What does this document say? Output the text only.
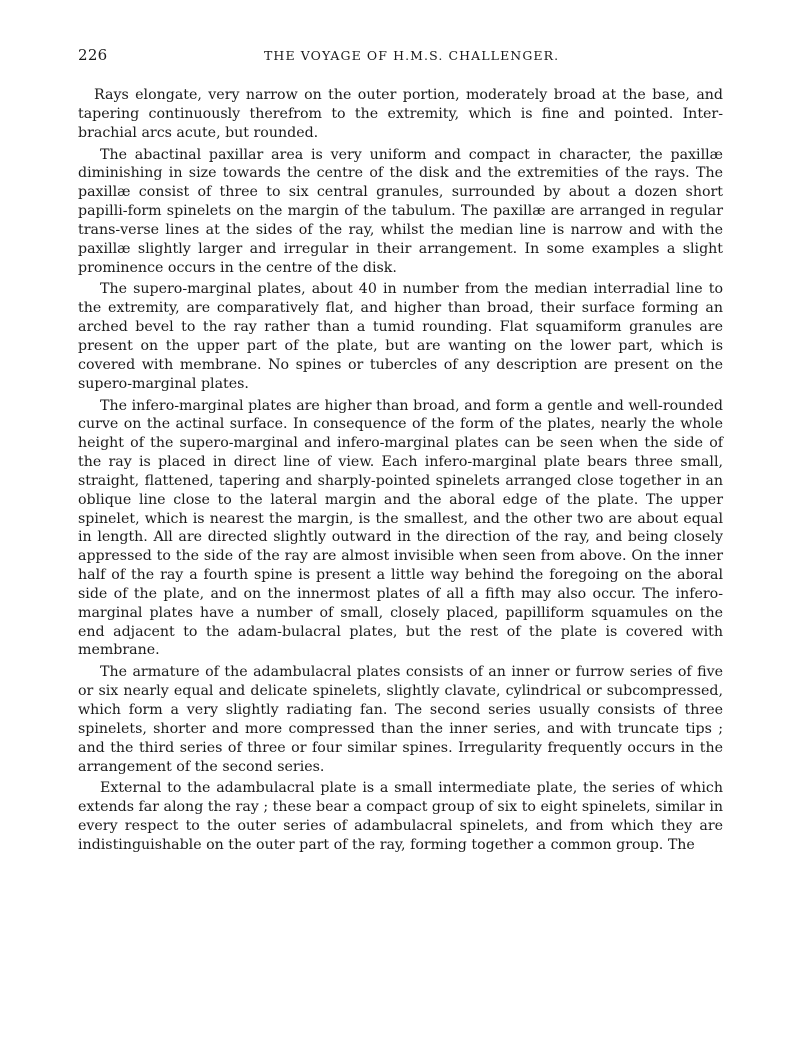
226	THE VOYAGE OF H.M.S. CHALLENGER.

Rays elongate, very narrow on the outer portion, moderately broad at the base, and tapering continuously therefrom to the extremity, which is fine and pointed. Inter-brachial arcs acute, but rounded.

The abactinal paxillar area is very uniform and compact in character, the paxillæ diminishing in size towards the centre of the disk and the extremities of the rays. The paxillæ consist of three to six central granules, surrounded by about a dozen short papilli-form spinelets on the margin of the tabulum. The paxillæ are arranged in regular trans-verse lines at the sides of the ray, whilst the median line is narrow and with the paxillæ slightly larger and irregular in their arrangement. In some examples a slight prominence occurs in the centre of the disk.

The supero-marginal plates, about 40 in number from the median interradial line to the extremity, are comparatively flat, and higher than broad, their surface forming an arched bevel to the ray rather than a tumid rounding. Flat squamiform granules are present on the upper part of the plate, but are wanting on the lower part, which is covered with membrane. No spines or tubercles of any description are present on the supero-marginal plates.

The infero-marginal plates are higher than broad, and form a gentle and well-rounded curve on the actinal surface. In consequence of the form of the plates, nearly the whole height of the supero-marginal and infero-marginal plates can be seen when the side of the ray is placed in direct line of view. Each infero-marginal plate bears three small, straight, flattened, tapering and sharply-pointed spinelets arranged close together in an oblique line close to the lateral margin and the aboral edge of the plate. The upper spinelet, which is nearest the margin, is the smallest, and the other two are about equal in length. All are directed slightly outward in the direction of the ray, and being closely appressed to the side of the ray are almost invisible when seen from above. On the inner half of the ray a fourth spine is present a little way behind the foregoing on the aboral side of the plate, and on the innermost plates of all a fifth may also occur. The infero-marginal plates have a number of small, closely placed, papilliform squamules on the end adjacent to the adam-bulacral plates, but the rest of the plate is covered with membrane.

The armature of the adambulacral plates consists of an inner or furrow series of five or six nearly equal and delicate spinelets, slightly clavate, cylindrical or subcompressed, which form a very slightly radiating fan. The second series usually consists of three spinelets, shorter and more compressed than the inner series, and with truncate tips ; and the third series of three or four similar spines. Irregularity frequently occurs in the arrangement of the second series.

External to the adambulacral plate is a small intermediate plate, the series of which extends far along the ray ; these bear a compact group of six to eight spinelets, similar in every respect to the outer series of adambulacral spinelets, and from which they are indistinguishable on the outer part of the ray, forming together a common group. The
